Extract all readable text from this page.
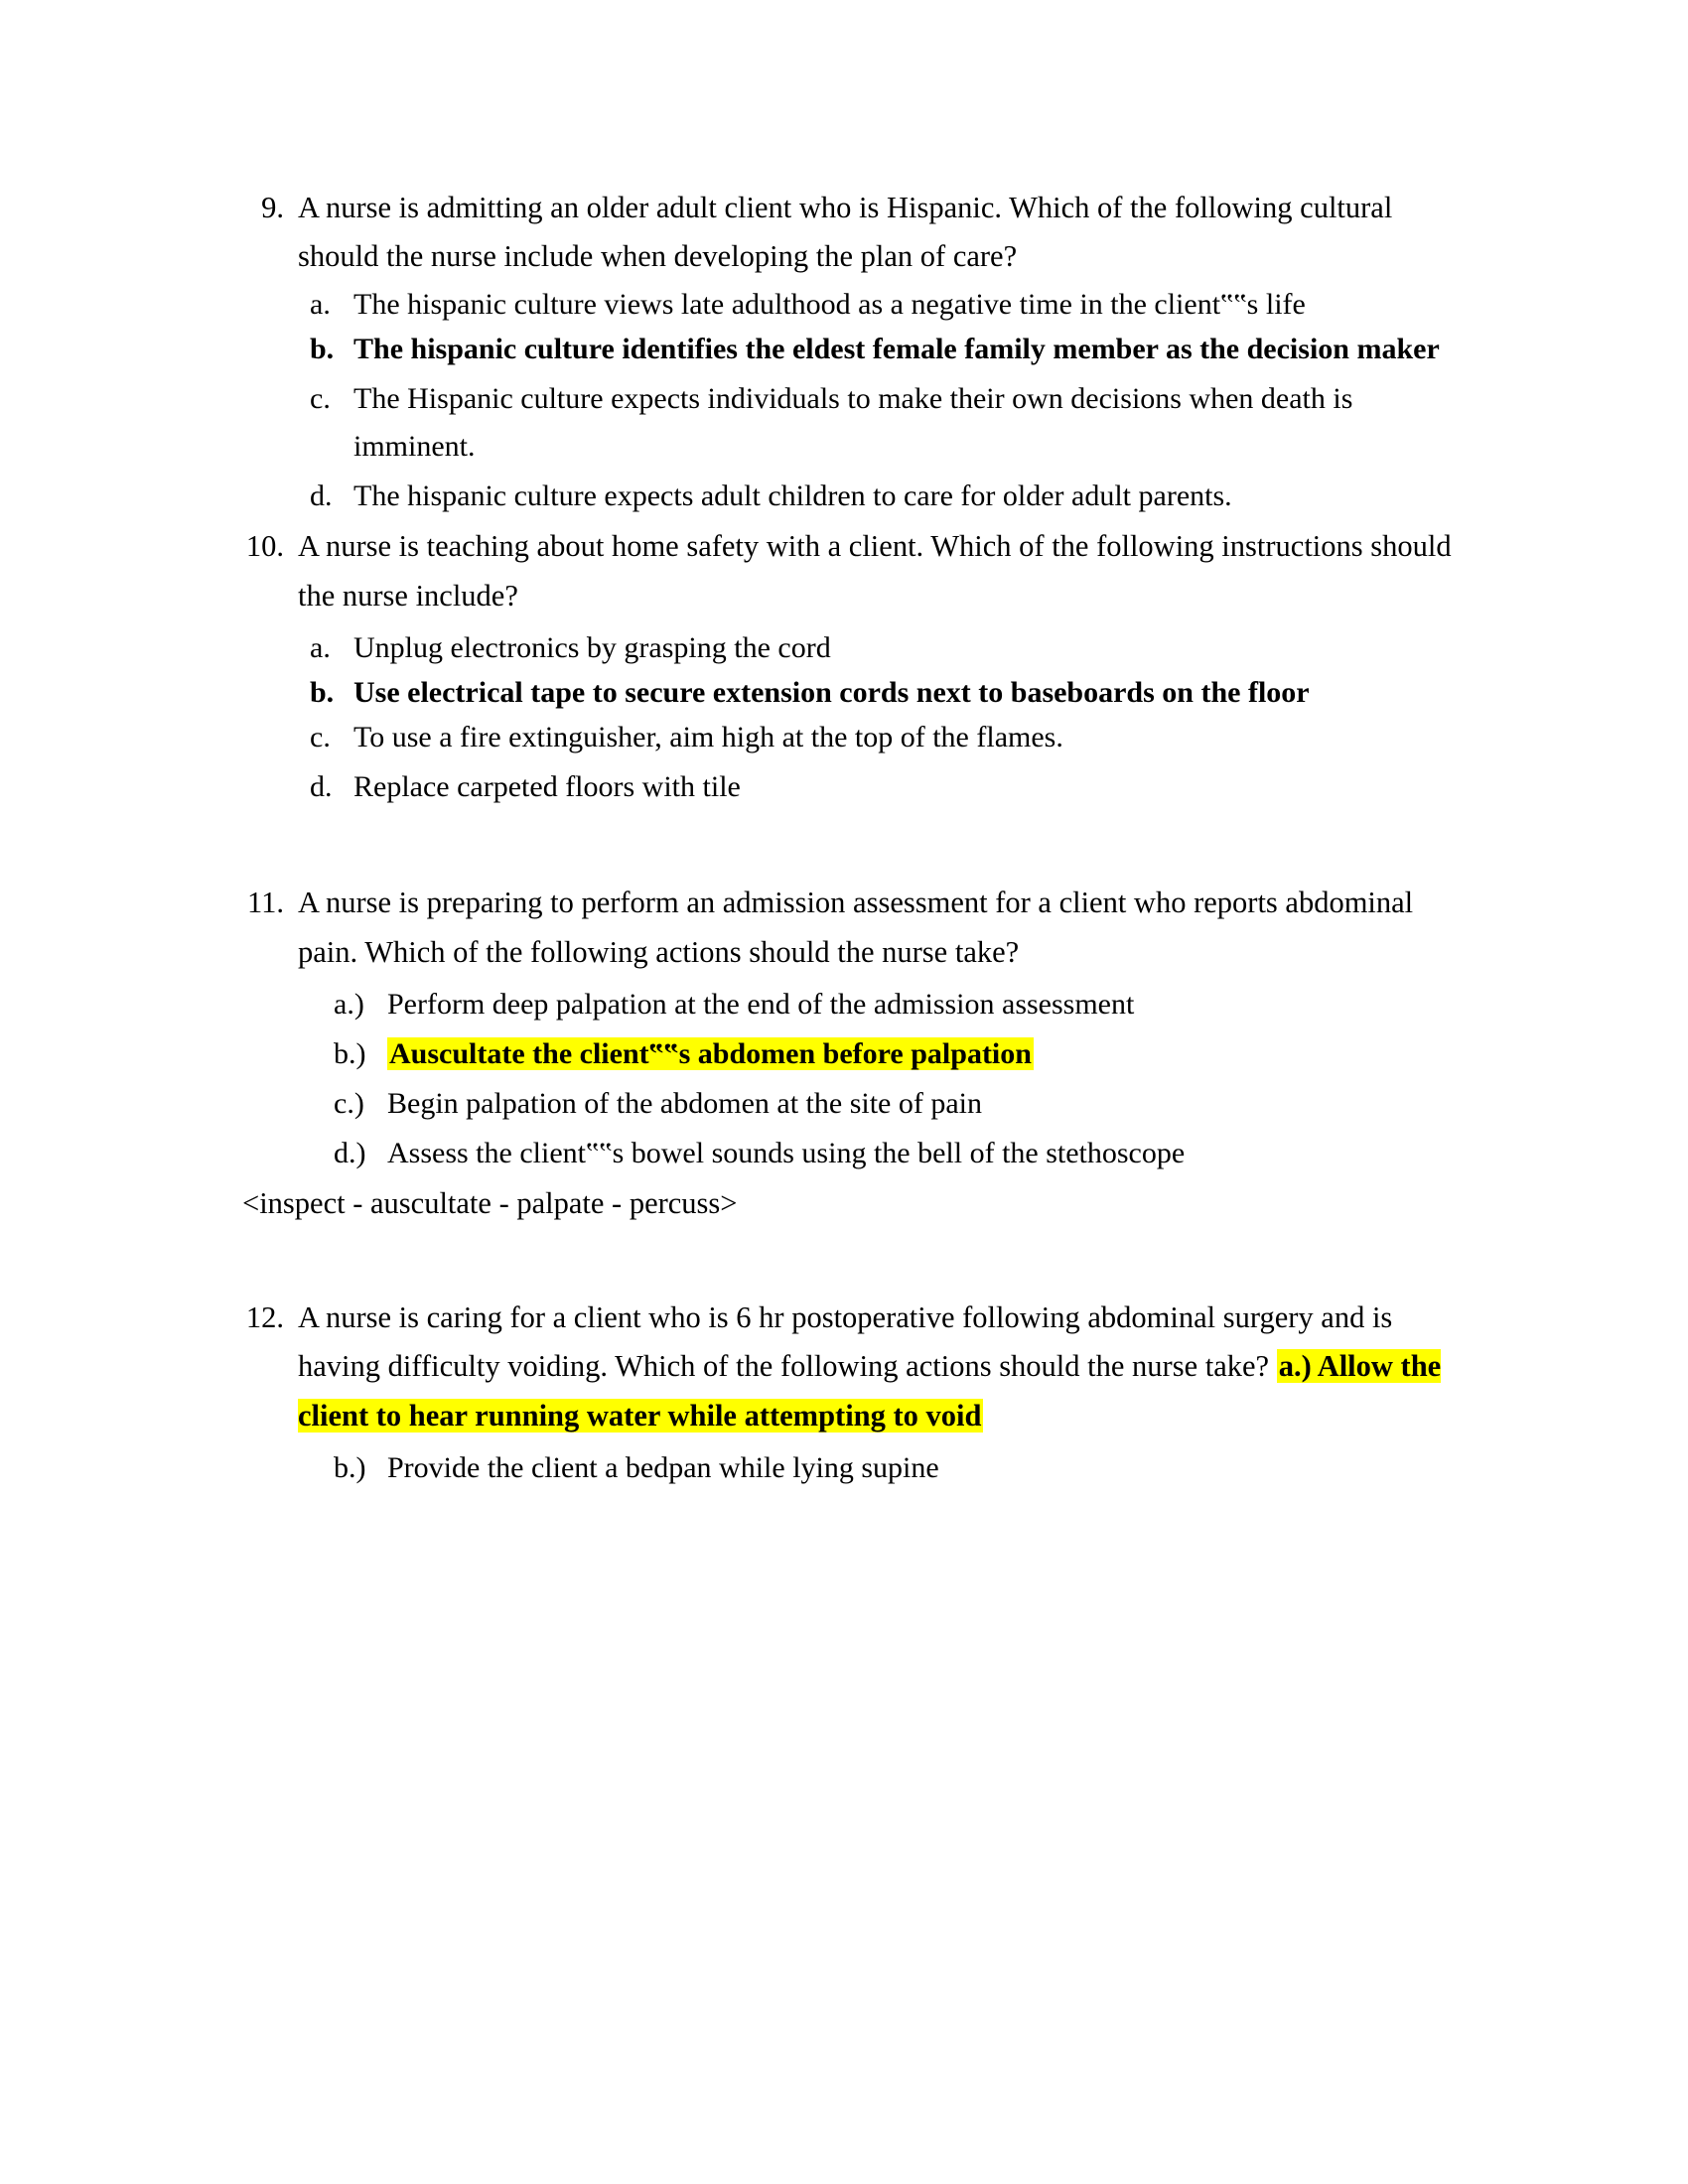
9. A nurse is admitting an older adult client who is Hispanic. Which of the following cultural should the nurse include when developing the plan of care?
a. The hispanic culture views late adulthood as a negative time in the client‟‟s life
b. The hispanic culture identifies the eldest female family member as the decision maker
c. The Hispanic culture expects individuals to make their own decisions when death is imminent.
d. The hispanic culture expects adult children to care for older adult parents.
10. A nurse is teaching about home safety with a client. Which of the following instructions should the nurse include?
a. Unplug electronics by grasping the cord
b. Use electrical tape to secure extension cords next to baseboards on the floor
c. To use a fire extinguisher, aim high at the top of the flames.
d. Replace carpeted floors with tile
11. A nurse is preparing to perform an admission assessment for a client who reports abdominal pain. Which of the following actions should the nurse take?
a.) Perform deep palpation at the end of the admission assessment
b.) Auscultate the client‟‟s abdomen before palpation
c.) Begin palpation of the abdomen at the site of pain
d.) Assess the client‟‟s bowel sounds using the bell of the stethoscope
<inspect - auscultate - palpate - percuss>
12. A nurse is caring for a client who is 6 hr postoperative following abdominal surgery and is having difficulty voiding. Which of the following actions should the nurse take? a.) Allow the client to hear running water while attempting to void
b.) Provide the client a bedpan while lying supine
